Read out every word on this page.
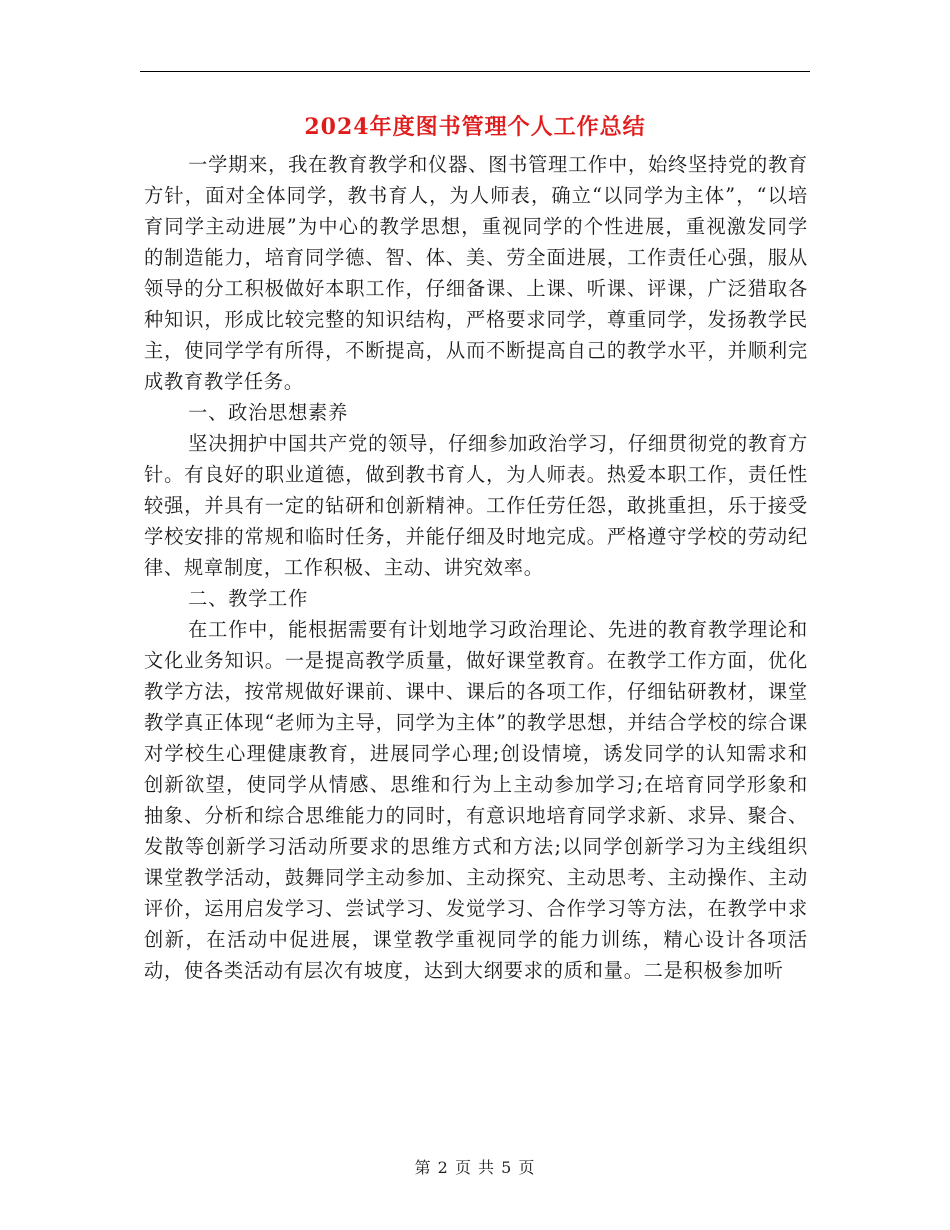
2024年度图书管理个人工作总结

一学期来，我在教育教学和仪器、图书管理工作中，始终坚持党的教育方针，面对全体同学，教书育人，为人师表，确立“以同学为主体”，“以培育同学主动进展”为中心的教学思想，重视同学的个性进展，重视激发同学的制造能力，培育同学德、智、体、美、劳全面进展，工作责任心强，服从领导的分工积极做好本职工作，仔细备课、上课、听课、评课，广泛猎取各种知识，形成比较完整的知识结构，严格要求同学，尊重同学，发扬教学民主，使同学学有所得，不断提高，从而不断提高自己的教学水平，并顺利完成教育教学任务。

一、政治思想素养

坚决拥护中国共产党的领导，仔细参加政治学习，仔细贯彻党的教育方针。有良好的职业道德，做到教书育人，为人师表。热爱本职工作，责任性较强，并具有一定的钻研和创新精神。工作任劳任怨，敢挑重担，乐于接受学校安排的常规和临时任务，并能仔细及时地完成。严格遵守学校的劳动纪律、规章制度，工作积极、主动、讲究效率。

二、教学工作

在工作中，能根据需要有计划地学习政治理论、先进的教育教学理论和文化业务知识。一是提高教学质量，做好课堂教育。在教学工作方面，优化教学方法，按常规做好课前、课中、课后的各项工作，仔细钻研教材，课堂教学真正体现“老师为主导，同学为主体”的教学思想，并结合学校的综合课对学校生心理健康教育，进展同学心理;创设情境，诱发同学的认知需求和创新欲望，使同学从情感、思维和行为上主动参加学习;在培育同学形象和抽象、分析和综合思维能力的同时，有意识地培育同学求新、求异、聚合、发散等创新学习活动所要求的思维方式和方法;以同学创新学习为主线组织课堂教学活动，鼓舞同学主动参加、主动探究、主动思考、主动操作、主动评价，运用启发学习、尝试学习、发觉学习、合作学习等方法，在教学中求创新，在活动中促进展，课堂教学重视同学的能力训练，精心设计各项活动，使各类活动有层次有坡度，达到大纲要求的质和量。二是积极参加听

第 2 页 共 5 页
